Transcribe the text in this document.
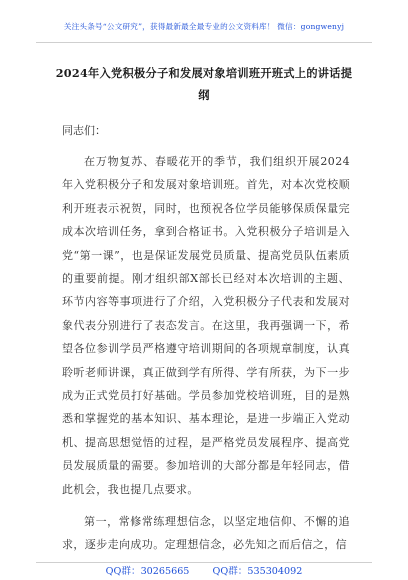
关注头条号“公文研究”，获得最新最全最专业的公文资料库！ 微信：gongwenyj
2024年入党积极分子和发展对象培训班开班式上的讲话提纲
同志们：
在万物复苏、春暖花开的季节，我们组织开展2024年入党积极分子和发展对象培训班。首先，对本次党校顺利开班表示祝贺，同时，也预祝各位学员能够保质保量完成本次培训任务，拿到合格证书。入党积极分子培训是入党“第一课”，也是保证发展党员质量、提高党员队伍素质的重要前提。刚才组织部X部长已经对本次培训的主题、环节内容等事项进行了介绍，入党积极分子代表和发展对象代表分别进行了表态发言。在这里，我再强调一下，希望各位参训学员严格遵守培训期间的各项规章制度，认真聆听老师讲课，真正做到学有所得、学有所获，为下一步成为正式党员打好基础。学员参加党校培训班，目的是熟悉和掌握党的基本知识、基本理论，是进一步端正入党动机、提高思想觉悟的过程，是严格党员发展程序、提高党员发展质量的需要。参加培训的大部分都是年轻同志，借此机会，我也提几点要求。
第一，常修常练理想信念，以坚定地信仰、不懈的追求，逐步走向成功。定理想信念，必先知之而后信之，信
QQ群：30265665 QQ群：535304092
